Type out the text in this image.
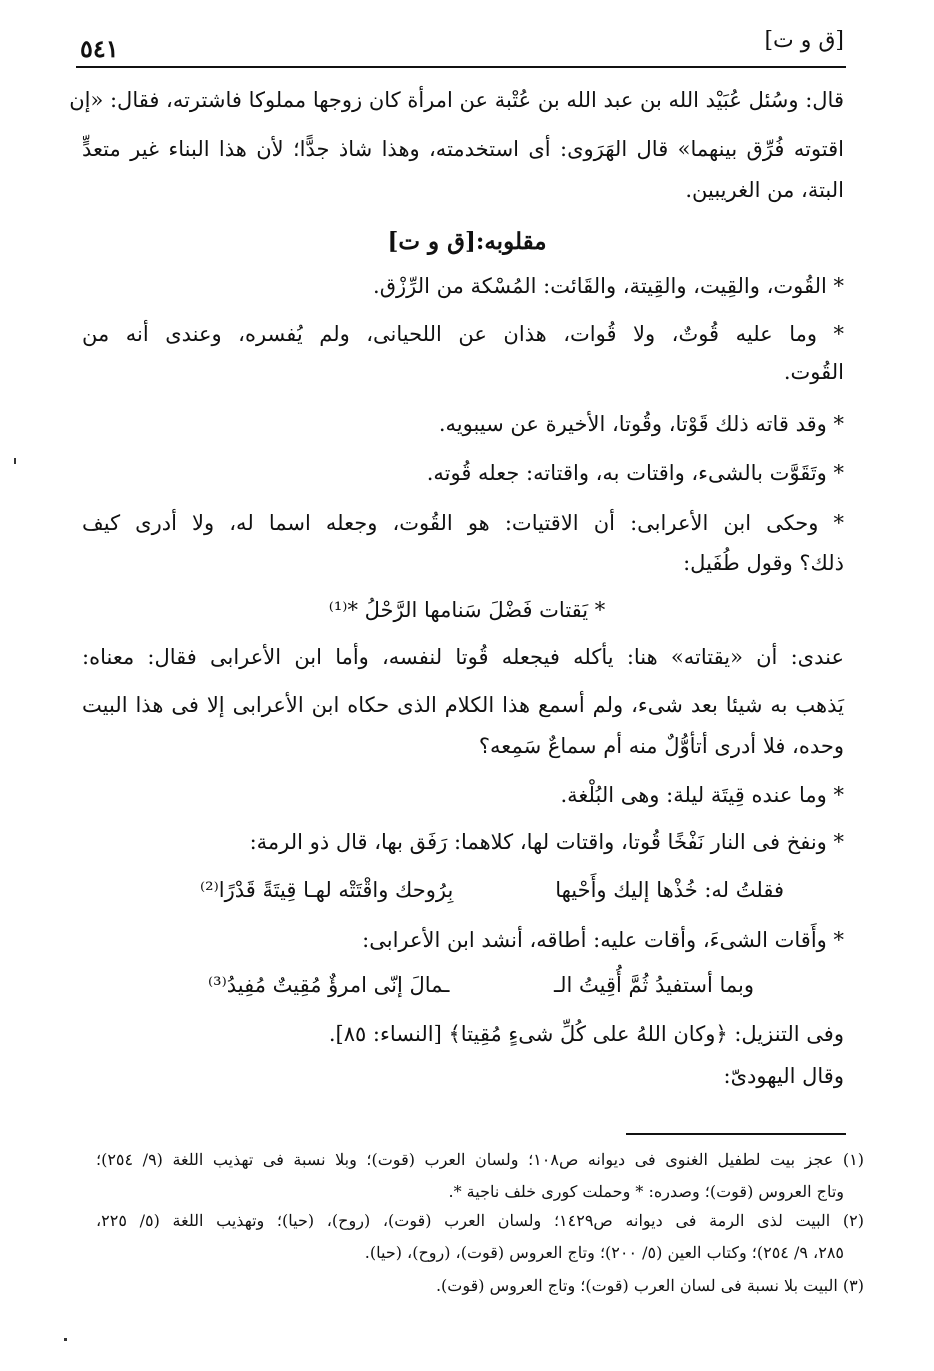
[ق و ت]
٥٤١
قال: وسُئل عُبَيْد الله بن عبد الله بن عُتْبة عن امرأة كان زوجها مملوكا فاشترته، فقال: «إن
اقتوته فُرِّق بينهما» قال الهَرَوى: أى استخدمته، وهذا شاذ جدًّا؛ لأن هذا البناء غير متعدٍّ
البتة، من الغريبين.
مقلوبه:[ق و ت]
* القُوت، والقِيت، والقِيتة، والقَائت: المُسْكة من الرِّزْق.
* وما عليه قُوتٌ، ولا قُوات، هذان عن اللحيانى، ولم يُفسره، وعندى أنه من
القُوت.
* وقد قاته ذلك قَوْتا، وقُوتا، الأخيرة عن سيبويه.
* وتَقَوَّت بالشىء، واقتات به، واقتاته: جعله قُوته.
* وحكى ابن الأعرابى: أن الاقتيات: هو القُوت، وجعله اسما له، ولا أدرى كيف
ذلك؟ وقول طُفَيل:
* يَقتات فَضْلَ سَنامها الرَّحْلُ *⁽¹⁾
عندى: أن «يقتاته» هنا: يأكله فيجعله قُوتا لنفسه، وأما ابن الأعرابى فقال: معناه:
يَذهب به شيئا بعد شىء، ولم أسمع هذا الكلام الذى حكاه ابن الأعرابى إلا فى هذا البيت
وحده، فلا أدرى أتأوُّلٌ منه أم سماعٌ سَمِعه؟
* وما عنده قِيتَة ليلة: وهى البُلْغة.
* ونفخ فى النار نَفْخًا قُوتا، واقتات لها، كلاهما: رَفَق بها، قال ذو الرمة:
فقلتُ له: خُذْها إليك وأَحْيها
بِرُوحك واقْتَتْه لهـا قِيتَةً قَدْرًا⁽²⁾
* وأَقات الشىءَ، وأقات عليه: أطاقه، أنشد ابن الأعرابى:
وبما أستفيدُ ثُمَّ أُقِيتُ الـ
ـمالَ إنّى امرؤٌ مُقِيتٌ مُفِيدُ⁽³⁾
وفى التنزيل: ﴿وكان اللهُ على كُلِّ شىءٍ مُقِيتا﴾ [النساء: ٨٥].
وقال اليهودىّ:
(١) عجز بيت لطفيل الغنوى فى ديوانه ص١٠٨؛ ولسان العرب (قوت)؛ وبلا نسبة فى تهذيب اللغة (٩/ ٢٥٤)؛
وتاج العروس (قوت)؛ وصدره: * وحملت كورى خلف ناجية *.
(٢) البيت لذى الرمة فى ديوانه ص١٤٢٩؛ ولسان العرب (قوت)، (روح)، (حيا)؛ وتهذيب اللغة (٥/ ٢٢٥،
٢٨٥، ٩/ ٢٥٤)؛ وكتاب العين (٥/ ٢٠٠)؛ وتاج العروس (قوت)، (روح)، (حيا).
(٣) البيت بلا نسبة فى لسان العرب (قوت)؛ وتاج العروس (قوت).
